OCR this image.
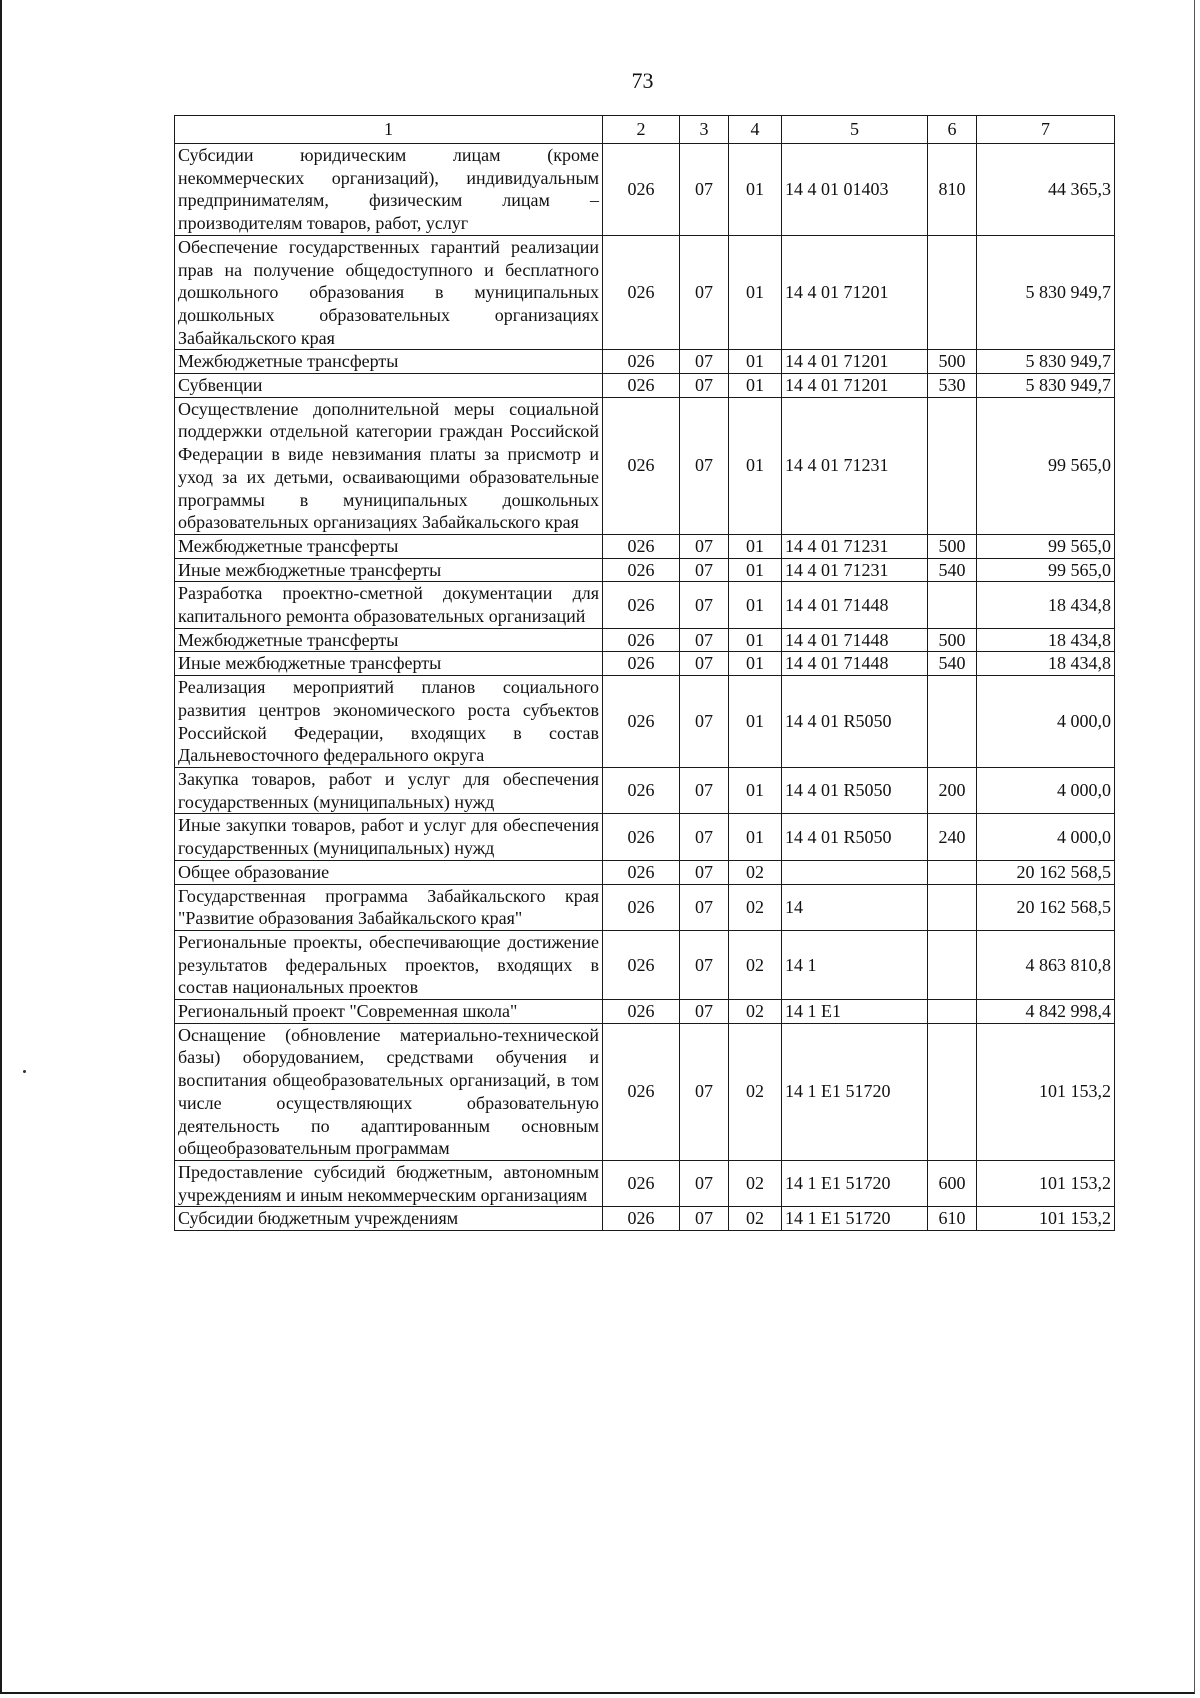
73
1	2	3	4	5	6	7
Субсидии юридическим лицам (кроме некоммерческих организаций), индивидуальным предпринимателям, физическим лицам – производителям товаров, работ, услуг	026	07	01	14 4 01 01403	810	44 365,3
Обеспечение государственных гарантий реализации прав на получение общедоступного и бесплатного дошкольного образования в муниципальных дошкольных образовательных организациях Забайкальского края	026	07	01	14 4 01 71201		5 830 949,7
Межбюджетные трансферты	026	07	01	14 4 01 71201	500	5 830 949,7
Субвенции	026	07	01	14 4 01 71201	530	5 830 949,7
Осуществление дополнительной меры социальной поддержки отдельной категории граждан Российской Федерации в виде невзимания платы за присмотр и уход за их детьми, осваивающими образовательные программы в муниципальных дошкольных образовательных организациях Забайкальского края	026	07	01	14 4 01 71231		99 565,0
Межбюджетные трансферты	026	07	01	14 4 01 71231	500	99 565,0
Иные межбюджетные трансферты	026	07	01	14 4 01 71231	540	99 565,0
Разработка проектно-сметной документации для капитального ремонта образовательных организаций	026	07	01	14 4 01 71448		18 434,8
Межбюджетные трансферты	026	07	01	14 4 01 71448	500	18 434,8
Иные межбюджетные трансферты	026	07	01	14 4 01 71448	540	18 434,8
Реализация мероприятий планов социального развития центров экономического роста субъектов Российской Федерации, входящих в состав Дальневосточного федерального округа	026	07	01	14 4 01 R5050		4 000,0
Закупка товаров, работ и услуг для обеспечения государственных (муниципальных) нужд	026	07	01	14 4 01 R5050	200	4 000,0
Иные закупки товаров, работ и услуг для обеспечения государственных (муниципальных) нужд	026	07	01	14 4 01 R5050	240	4 000,0
Общее образование	026	07	02			20 162 568,5
Государственная программа Забайкальского края "Развитие образования Забайкальского края"	026	07	02	14		20 162 568,5
Региональные проекты, обеспечивающие достижение результатов федеральных проектов, входящих в состав национальных проектов	026	07	02	14 1		4 863 810,8
Региональный проект "Современная школа"	026	07	02	14 1 E1		4 842 998,4
Оснащение (обновление материально-технической базы) оборудованием, средствами обучения и воспитания общеобразовательных организаций, в том числе осуществляющих образовательную деятельность по адаптированным основным общеобразовательным программам	026	07	02	14 1 E1 51720		101 153,2
Предоставление субсидий бюджетным, автономным учреждениям и иным некоммерческим организациям	026	07	02	14 1 E1 51720	600	101 153,2
Субсидии бюджетным учреждениям	026	07	02	14 1 E1 51720	610	101 153,2
